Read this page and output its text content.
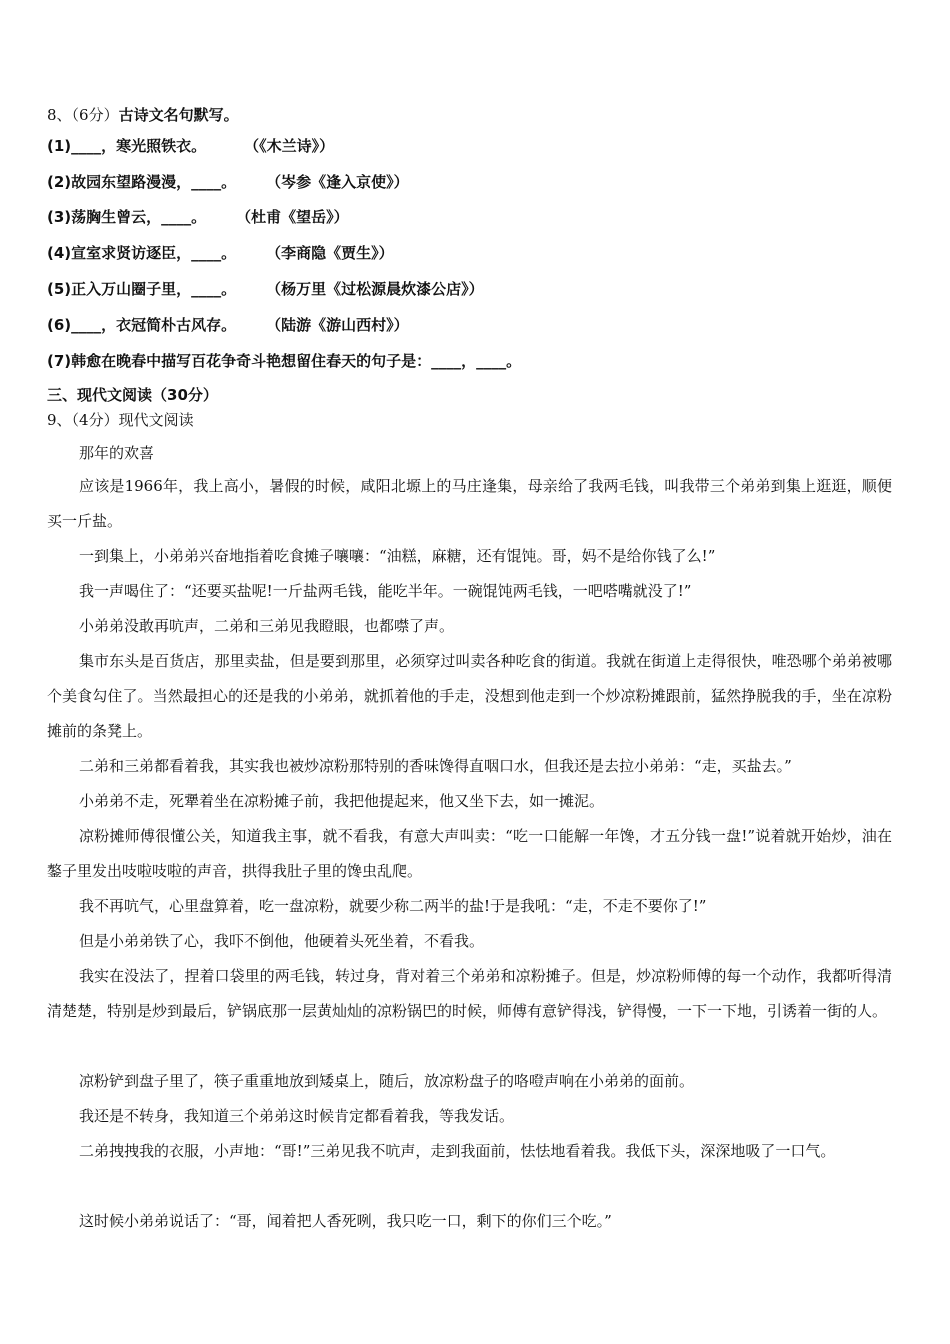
8、（6分）古诗文名句默写。
(1)____，寒光照铁衣。	（《木兰诗》）
(2)故园东望路漫漫，____。 （岑参《逢入京使》）
(3)荡胸生曾云，____。 （杜甫《望岳》）
(4)宣室求贤访逐臣，____。 （李商隐《贾生》）
(5)正入万山圈子里，____。 （杨万里《过松源晨炊漆公店》）
(6)____，衣冠简朴古风存。 （陆游《游山西村》）
(7)韩愈在晚春中描写百花争奇斗艳想留住春天的句子是：____，____。
三、现代文阅读（30分）
9、（4分）现代文阅读
那年的欢喜
应该是1966年，我上高小，暑假的时候，咸阳北塬上的马庄逢集，母亲给了我两毛钱，叫我带三个弟弟到集上逛逛，顺便买一斤盐。
一到集上，小弟弟兴奋地指着吃食摊子嚷嚷：“油糕，麻糖，还有馄饨。哥，妈不是给你钱了么!”
我一声喝住了：“还要买盐呢!一斤盐两毛钱，能吃半年。一碗馄饨两毛钱，一吧嗒嘴就没了!”
小弟弟没敢再吭声，二弟和三弟见我瞪眼，也都噤了声。
集市东头是百货店，那里卖盐，但是要到那里，必须穿过叫卖各种吃食的街道。我就在街道上走得很快，唯恐哪个弟弟被哪个美食勾住了。当然最担心的还是我的小弟弟，就抓着他的手走，没想到他走到一个炒凉粉摊跟前，猛然挣脱我的手，坐在凉粉摊前的条凳上。
二弟和三弟都看着我，其实我也被炒凉粉那特别的香味馋得直咽口水，但我还是去拉小弟弟：“走，买盐去。”
小弟弟不走，死犟着坐在凉粉摊子前，我把他提起来，他又坐下去，如一摊泥。
凉粉摊师傅很懂公关，知道我主事，就不看我，有意大声叫卖：“吃一口能解一年馋，才五分钱一盘!”说着就开始炒，油在鏊子里发出吱啦吱啦的声音，拱得我肚子里的馋虫乱爬。
我不再吭气，心里盘算着，吃一盘凉粉，就要少称二两半的盐!于是我吼：“走，不走不要你了!”
但是小弟弟铁了心，我吓不倒他，他硬着头死坐着，不看我。
我实在没法了，捏着口袋里的两毛钱，转过身，背对着三个弟弟和凉粉摊子。但是，炒凉粉师傅的每一个动作，我都听得清清楚楚，特别是炒到最后，铲锅底那一层黄灿灿的凉粉锅巴的时候，师傅有意铲得浅，铲得慢，一下一下地，引诱着一街的人。
凉粉铲到盘子里了，筷子重重地放到矮桌上，随后，放凉粉盘子的咯噔声响在小弟弟的面前。
我还是不转身，我知道三个弟弟这时候肯定都看着我，等我发话。
二弟拽拽我的衣服，小声地：“哥!”三弟见我不吭声，走到我面前，怯怯地看着我。我低下头，深深地吸了一口气。
这时候小弟弟说话了：“哥，闻着把人香死咧，我只吃一口，剩下的你们三个吃。”
